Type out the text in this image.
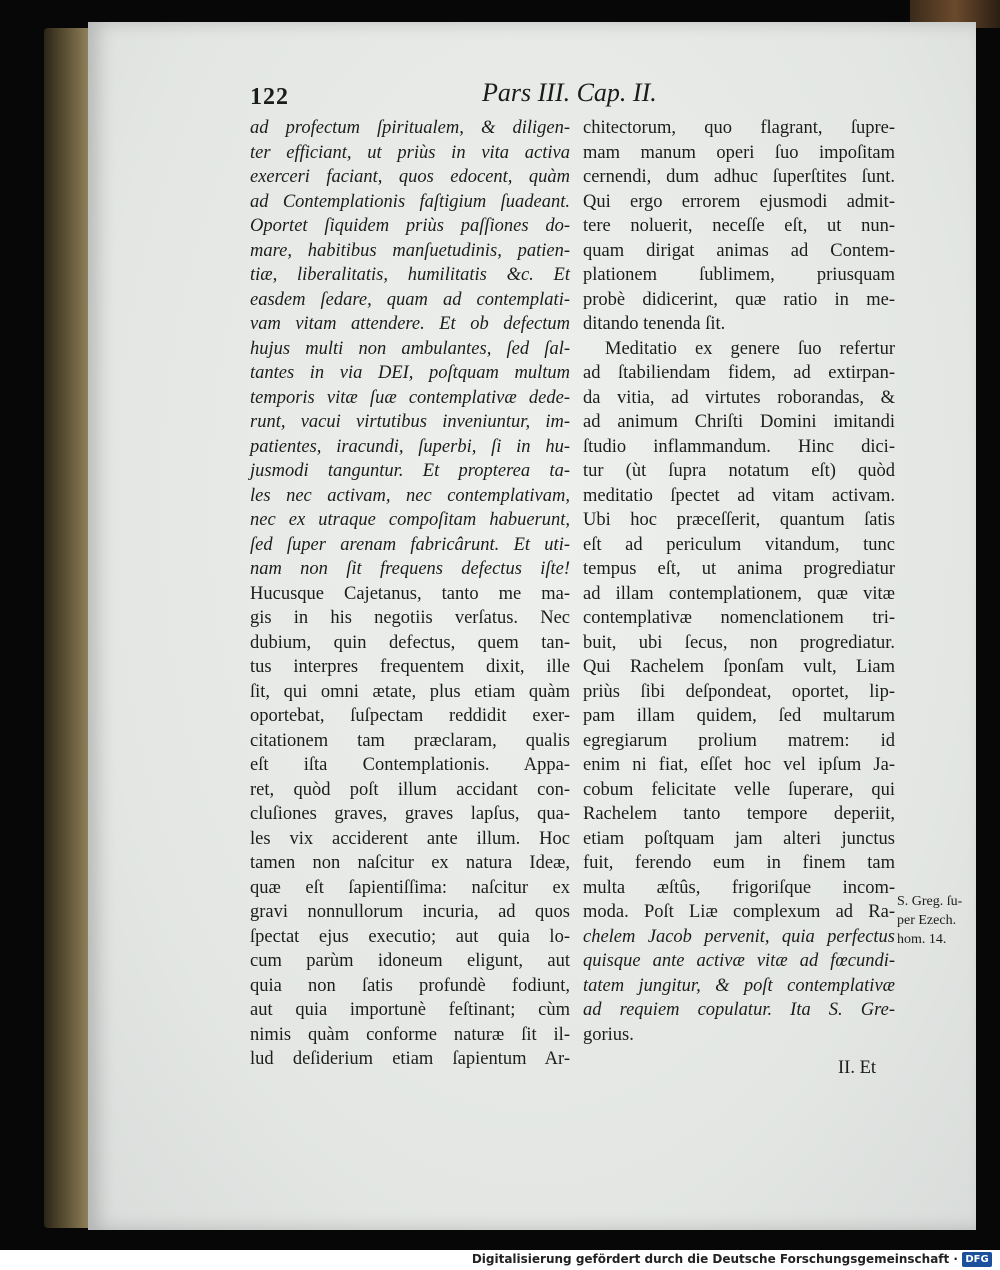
122	Pars III. Cap. II.
ad profectum ſpiritualem, & diligen-
ter efficiant, ut priùs in vita activa
exerceri faciant, quos edocent, quàm
ad Contemplationis faſtigium ſuadeant.
Oportet ſiquidem priùs paſſiones do-
mare, habitibus manſuetudinis, patien-
tiæ, liberalitatis, humilitatis &c. Et
easdem ſedare, quam ad contemplati-
vam vitam attendere. Et ob defectum
hujus multi non ambulantes, ſed ſal-
tantes in via DEI, poſtquam multum
temporis vitæ ſuæ contemplativæ dede-
runt, vacui virtutibus inveniuntur, im-
patientes, iracundi, ſuperbi, ſi in hu-
jusmodi tanguntur. Et propterea ta-
les nec activam, nec contemplativam,
nec ex utraque compoſitam habuerunt,
ſed ſuper arenam fabricârunt. Et uti-
nam non ſit frequens defectus iſte!
Hucusque Cajetanus, tanto me ma-
gis in his negotiis verſatus. Nec
dubium, quin defectus, quem tan-
tus interpres frequentem dixit, ille
ſit, qui omni ætate, plus etiam quàm
oportebat, ſuſpectam reddidit exer-
citationem tam præclaram, qualis
eſt iſta Contemplationis. Appa-
ret, quòd poſt illum accidant con-
cluſiones graves, graves lapſus, qua-
les vix acciderent ante illum. Hoc
tamen non naſcitur ex natura Ideæ,
quæ eſt ſapientiſſima: naſcitur ex
gravi nonnullorum incuria, ad quos
ſpectat ejus executio; aut quia lo-
cum parùm idoneum eligunt, aut
quia non ſatis profundè fodiunt,
aut quia importunè feſtinant; cùm
nimis quàm conforme naturæ ſit il-
lud deſiderium etiam ſapientum Ar-
chitectorum, quo flagrant, ſupre-
mam manum operi ſuo impoſitam
cernendi, dum adhuc ſuperſtites ſunt.
Qui ergo errorem ejusmodi admit-
tere noluerit, neceſſe eſt, ut nun-
quam dirigat animas ad Contem-
plationem ſublimem, priusquam
probè didicerint, quæ ratio in me-
ditando tenenda ſit.
Meditatio ex genere ſuo refertur
ad ſtabiliendam fidem, ad extirpan-
da vitia, ad virtutes roborandas, &
ad animum Chriſti Domini imitandi
ſtudio inflammandum. Hinc dici-
tur (ùt ſupra notatum eſt) quòd
meditatio ſpectet ad vitam activam.
Ubi hoc præceſſerit, quantum ſatis
eſt ad periculum vitandum, tunc
tempus eſt, ut anima progrediatur
ad illam contemplationem, quæ vitæ
contemplativæ nomenclationem tri-
buit, ubi ſecus, non progrediatur.
Qui Rachelem ſponſam vult, Liam
priùs ſibi deſpondeat, oportet, lip-
pam illam quidem, ſed multarum
egregiarum prolium matrem: id
enim ni fiat, eſſet hoc vel ipſum Ja-
cobum felicitate velle ſuperare, qui
Rachelem tanto tempore deperiit,
etiam poſtquam jam alteri junctus
fuit, ferendo eum in finem tam
multa æſtûs, frigoriſque incom-
moda. Poſt Liæ complexum ad Ra-
chelem Jacob pervenit, quia perfectus
quisque ante activæ vitæ ad fœcundi-
tatem jungitur, & poſt contemplativæ
ad requiem copulatur. Ita S. Gre-
gorius.
S. Greg. ſu-
per Ezech.
hom. 14.
II. Et
Digitalisierung gefördert durch die Deutsche Forschungsgemeinschaft · DFG
